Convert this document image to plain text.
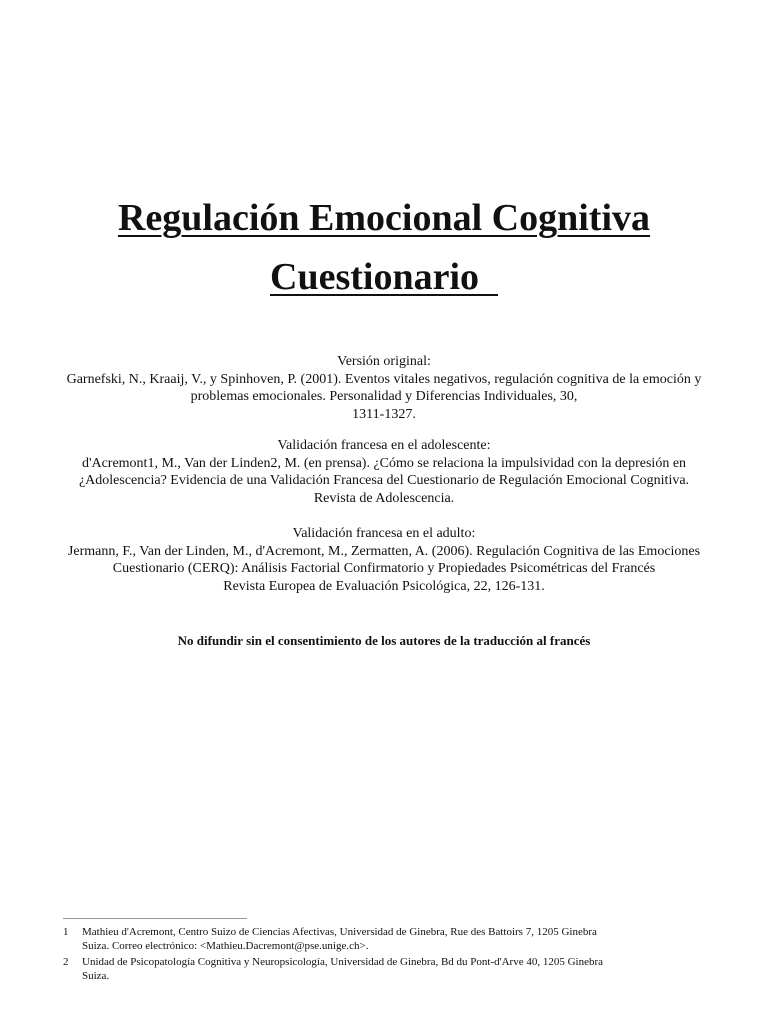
Regulación Emocional Cognitiva
Cuestionario

Versión original:

Garnefski, N., Kraaij, V., y Spinhoven, P. (2001). Eventos vitales negativos, regulación cognitiva de la emoción y

problemas emocionales. Personalidad y Diferencias Individuales, 30,

1311-1327.

Validación francesa en el adolescente:

d'Acremont1, M., Van der Linden2, M. (en prensa). ¿Cómo se relaciona la impulsividad con la depresión en

¿Adolescencia? Evidencia de una Validación Francesa del Cuestionario de Regulación Emocional Cognitiva.

Revista de Adolescencia.

Validación francesa en el adulto:

Jermann, F., Van der Linden, M., d'Acremont, M., Zermatten, A. (2006). Regulación Cognitiva de las Emociones

Cuestionario (CERQ): Análisis Factorial Confirmatorio y Propiedades Psicométricas del Francés

Revista Europea de Evaluación Psicológica, 22, 126-131.

No difundir sin el consentimiento de los autores de la traducción al francés

1 Mathieu d'Acremont, Centro Suizo de Ciencias Afectivas, Universidad de Ginebra, Rue des Battoirs 7, 1205 Ginebra
Suiza. Correo electrónico: <Mathieu.Dacremont@pse.unige.ch>.
2 Unidad de Psicopatología Cognitiva y Neuropsicología, Universidad de Ginebra, Bd du Pont-d'Arve 40, 1205 Ginebra
Suiza.
